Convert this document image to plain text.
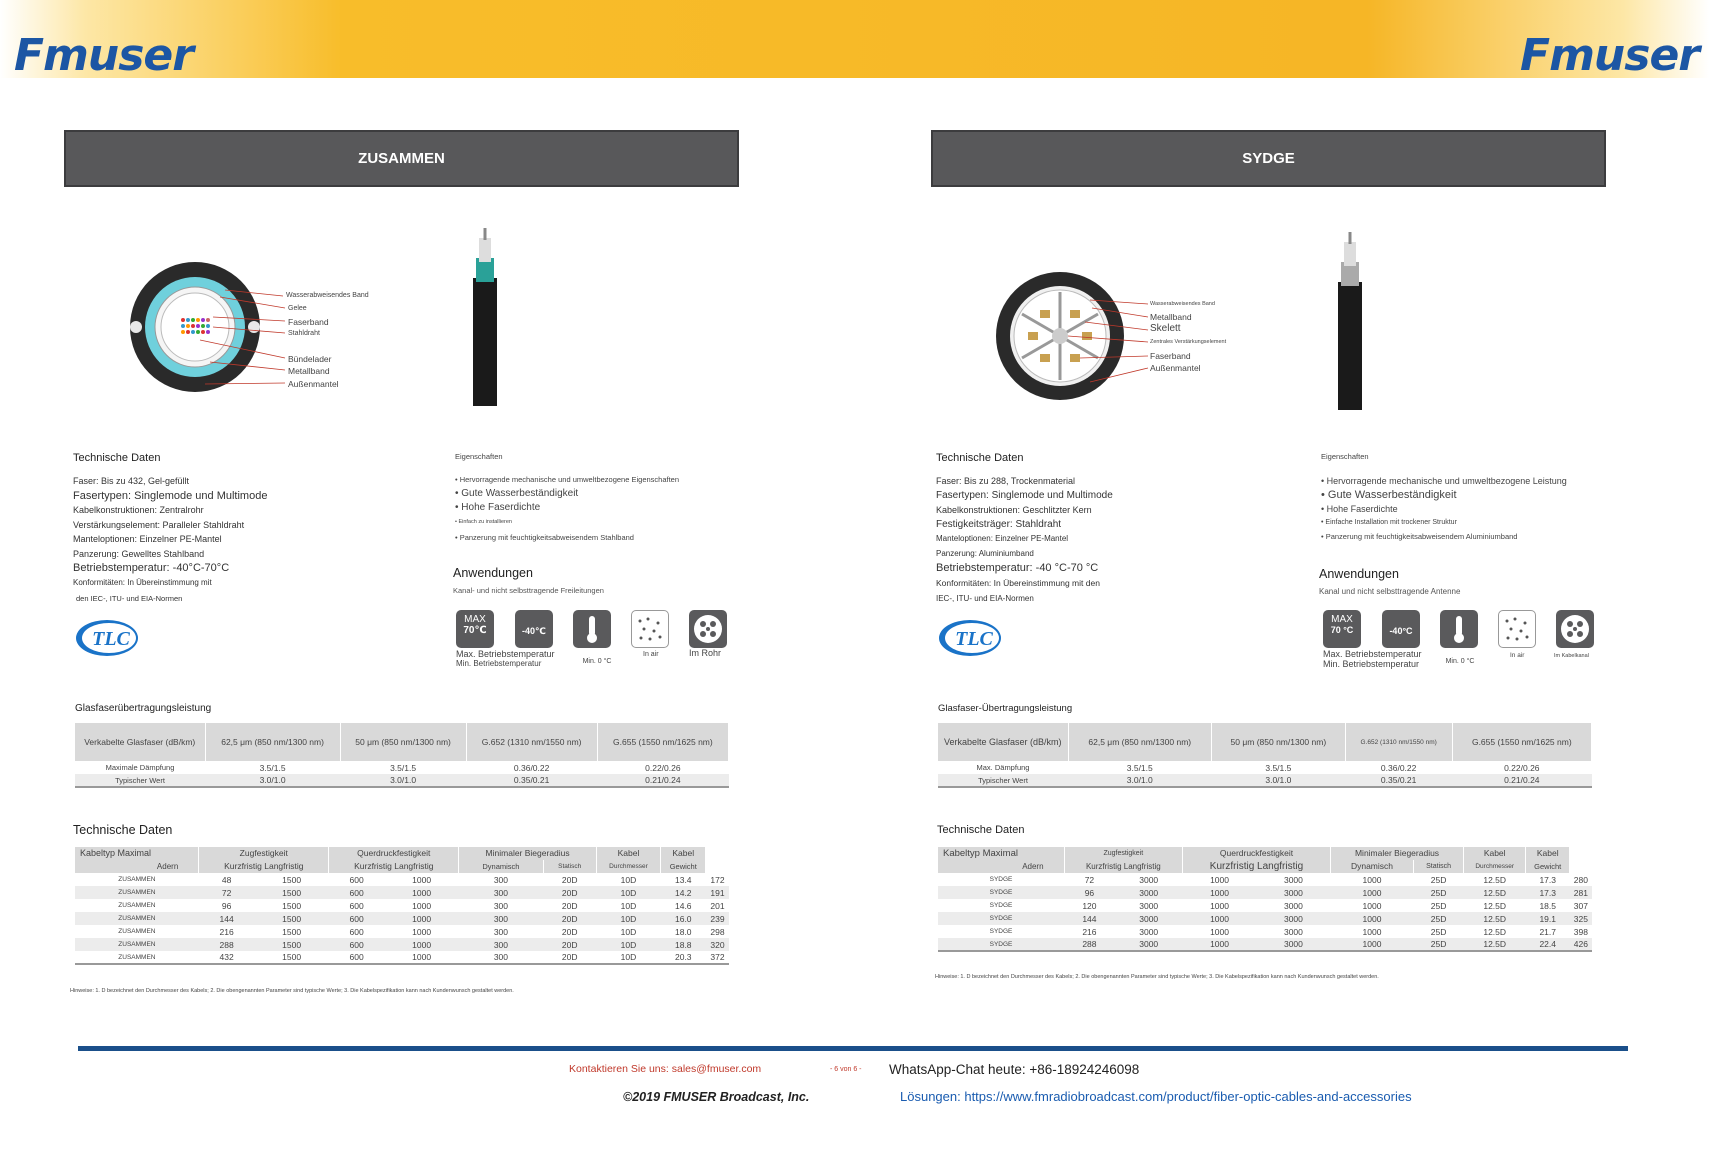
Fmuser	Fmuser
ZUSAMMEN
Wasserabweisendes Band
Gelee
Faserband
Stahldraht
Bündelader
Metallband
Außenmantel
Technische Daten
Faser: Bis zu 432, Gel-gefüllt
Fasertypen: Singlemode und Multimode
Kabelkonstruktionen: Zentralrohr
Verstärkungselement: Paralleler Stahldraht
Manteloptionen: Einzelner PE-Mantel
Panzerung: Gewelltes Stahlband
Betriebstemperatur: -40°C-70°C
Konformitäten: In Übereinstimmung mit
den IEC-, ITU- und EIA-Normen
Eigenschaften
• Hervorragende mechanische und umweltbezogene Eigenschaften
• Gute Wasserbeständigkeit
• Hohe Faserdichte
• Einfach zu installieren
• Panzerung mit feuchtigkeitsabweisendem Stahlband
Anwendungen
Kanal- und nicht selbsttragende Freileitungen
MAX
70℃
	-40℃
Max. Betriebstemperatur
Min. Betriebstemperatur	Min. 0 °C
In air	Im Rohr
TLC
Glasfaserübertragungsleistung
Verkabelte Glasfaser (dB/km)	62,5 μm (850 nm/1300 nm)	50 μm (850 nm/1300 nm)	G.652 (1310 nm/1550 nm)	G.655 (1550 nm/1625 nm)
Maximale Dämpfung	3.5/1.5	3.5/1.5	0.36/0.22	0.22/0.26
Typischer Wert	3.0/1.0	3.0/1.0	0.35/0.21	0.21/0.24
Technische Daten
Kabeltyp Maximal	Zugfestigkeit		Querdruckfestigkeit		Minimaler Biegeradius		Kabel	Kabel	
Adern	Kurzfristig Langfristig		Kurzfristig Langfristig		Dynamisch	Statisch	Durchmesser	Gewicht	
ZUSAMMEN	48	1500	600	1000	300	20D	10D	13.4	172
ZUSAMMEN	72	1500	600	1000	300	20D	10D	14.2	191
ZUSAMMEN	96	1500	600	1000	300	20D	10D	14.6	201
ZUSAMMEN	144	1500	600	1000	300	20D	10D	16.0	239
ZUSAMMEN	216	1500	600	1000	300	20D	10D	18.0	298
ZUSAMMEN	288	1500	600	1000	300	20D	10D	18.8	320
ZUSAMMEN	432	1500	600	1000	300	20D	10D	20.3	372
Hinweise: 1. D bezeichnet den Durchmesser des Kabels; 2. Die obengenannten Parameter sind typische Werte; 3. Die Kabelspezifikation kann nach Kundenwunsch gestaltet werden.
SYDGE
Wasserabweisendes Band
Metallband
Skelett
Zentrales Verstärkungselement
Faserband
Außenmantel
Technische Daten
Faser: Bis zu 288, Trockenmaterial
Fasertypen: Singlemode und Multimode
Kabelkonstruktionen: Geschlitzter Kern
Festigkeitsträger: Stahldraht
Manteloptionen: Einzelner PE-Mantel
Panzerung: Aluminiumband
Betriebstemperatur: -40 °C-70 °C
Konformitäten: In Übereinstimmung mit den
IEC-, ITU- und EIA-Normen
Eigenschaften
• Hervorragende mechanische und umweltbezogene Leistung
• Gute Wasserbeständigkeit
• Hohe Faserdichte
• Einfache Installation mit trockener Struktur
• Panzerung mit feuchtigkeitsabweisendem Aluminiumband
Anwendungen
Kanal und nicht selbsttragende Antenne
MAX
70 °C
	-40°C
Max. Betriebstemperatur
Min. Betriebstemperatur	Min. 0 °C
In air	Im Kabelkanal
TLC
Glasfaser-Übertragungsleistung
Verkabelte Glasfaser (dB/km)	62,5 μm (850 nm/1300 nm)	50 μm (850 nm/1300 nm)	G.652 (1310 nm/1550 nm)	G.655 (1550 nm/1625 nm)
Max. Dämpfung	3.5/1.5	3.5/1.5	0.36/0.22	0.22/0.26
Typischer Wert	3.0/1.0	3.0/1.0	0.35/0.21	0.21/0.24
Technische Daten
Kabeltyp Maximal	Zugfestigkeit		Querdruckfestigkeit		Minimaler Biegeradius		Kabel	Kabel	
Adern	Kurzfristig Langfristig		Kurzfristig Langfristig		Dynamisch	Statisch	Durchmesser	Gewicht	
SYDGE	72	3000	1000	3000	1000	25D	12.5D	17.3	280
SYDGE	96	3000	1000	3000	1000	25D	12.5D	17.3	281
SYDGE	120	3000	1000	3000	1000	25D	12.5D	18.5	307
SYDGE	144	3000	1000	3000	1000	25D	12.5D	19.1	325
SYDGE	216	3000	1000	3000	1000	25D	12.5D	21.7	398
SYDGE	288	3000	1000	3000	1000	25D	12.5D	22.4	426
Hinweise: 1. D bezeichnet den Durchmesser des Kabels; 2. Die obengenannten Parameter sind typische Werte; 3. Die Kabelspezifikation kann nach Kundenwunsch gestaltet werden.
Kontaktieren Sie uns: sales@fmuser.com	- 6 von 6 - WhatsApp-Chat heute: +86-18924246098
©2019 FMUSER Broadcast, Inc.	Lösungen: https://www.fmradiobroadcast.com/product/fiber-optic-cables-and-accessories
